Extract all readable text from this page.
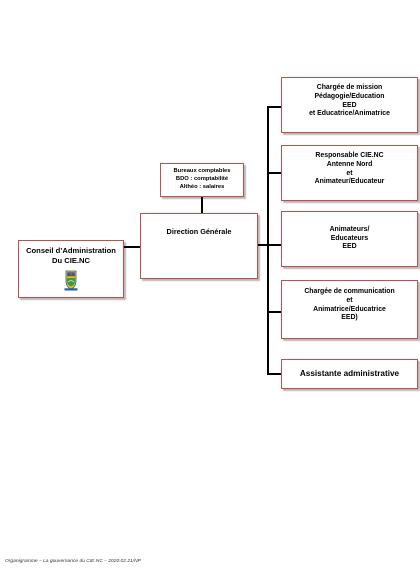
Conseil d’Administration
Du CIE.NC
Direction Générale
Bureaux comptables
BDO : comptabilité
Althéo : salaires
Chargée de mission
Pédagogie/Education
EED
et Educatrice/Animatrice
Responsable CIE.NC
Antenne Nord
et
Animateur/Educateur
Animateurs/
Educateurs
EED
Chargée de communication
et
Animatrice/Educatrice
EED)
Assistante administrative
Organigramme – La gouvernance du CIE.NC – 2020.02.21/NP
